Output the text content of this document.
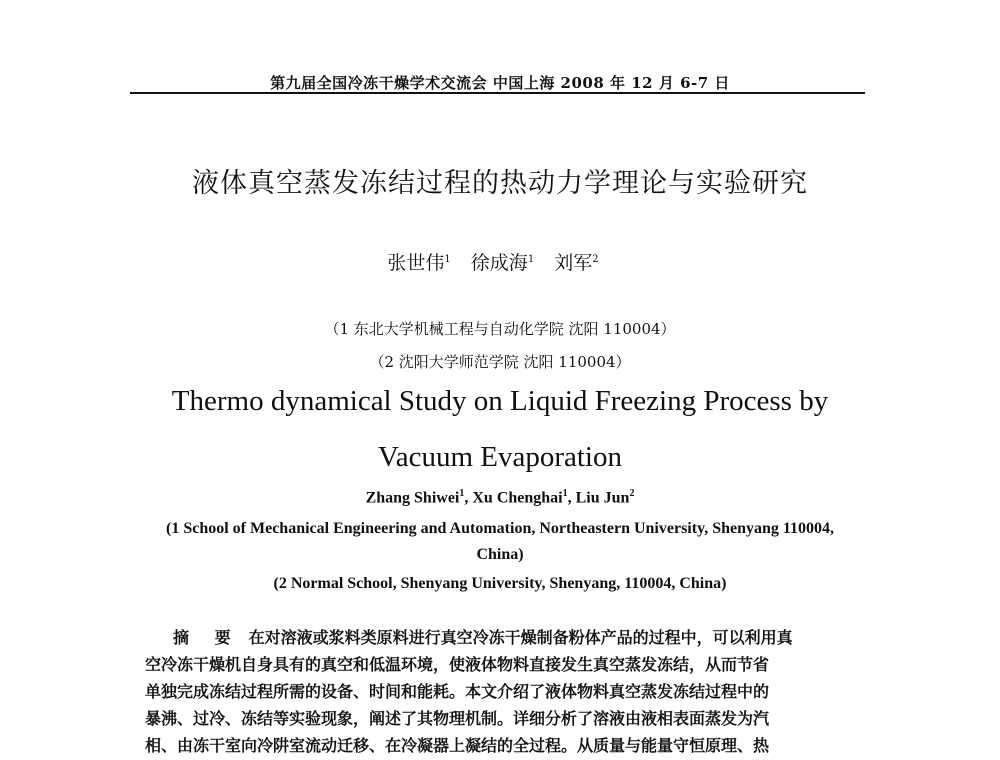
第九届全国冷冻干燥学术交流会 中国上海 2008 年 12 月 6-7 日
液体真空蒸发冻结过程的热动力学理论与实验研究
张世伟$^1$ 徐成海$^1$ 刘军$^2$
（1 东北大学机械工程与自动化学院 沈阳 110004）
（2 沈阳大学师范学院 沈阳 110004）
Thermo dynamical Study on Liquid Freezing Process by
Vacuum Evaporation
Zhang Shiwei$^1$, Xu Chenghai$^1$, Liu Jun$^2$
(1 School of Mechanical Engineering and Automation, Northeastern University, Shenyang 110004,
China)
(2 Normal School, Shenyang University, Shenyang, 110004, China)
摘 要 在对溶液或浆料类原料进行真空冷冻干燥制备粉体产品的过程中，可以利用真
空冷冻干燥机自身具有的真空和低温环境，使液体物料直接发生真空蒸发冻结，从而节省
单独完成冻结过程所需的设备、时间和能耗。本文介绍了液体物料真空蒸发冻结过程中的
暴沸、过冷、冻结等实验现象，阐述了其物理机制。详细分析了溶液由液相表面蒸发为汽
相、由冻干室向冷阱室流动迁移、在冷凝器上凝结的全过程。从质量与能量守恒原理、热
